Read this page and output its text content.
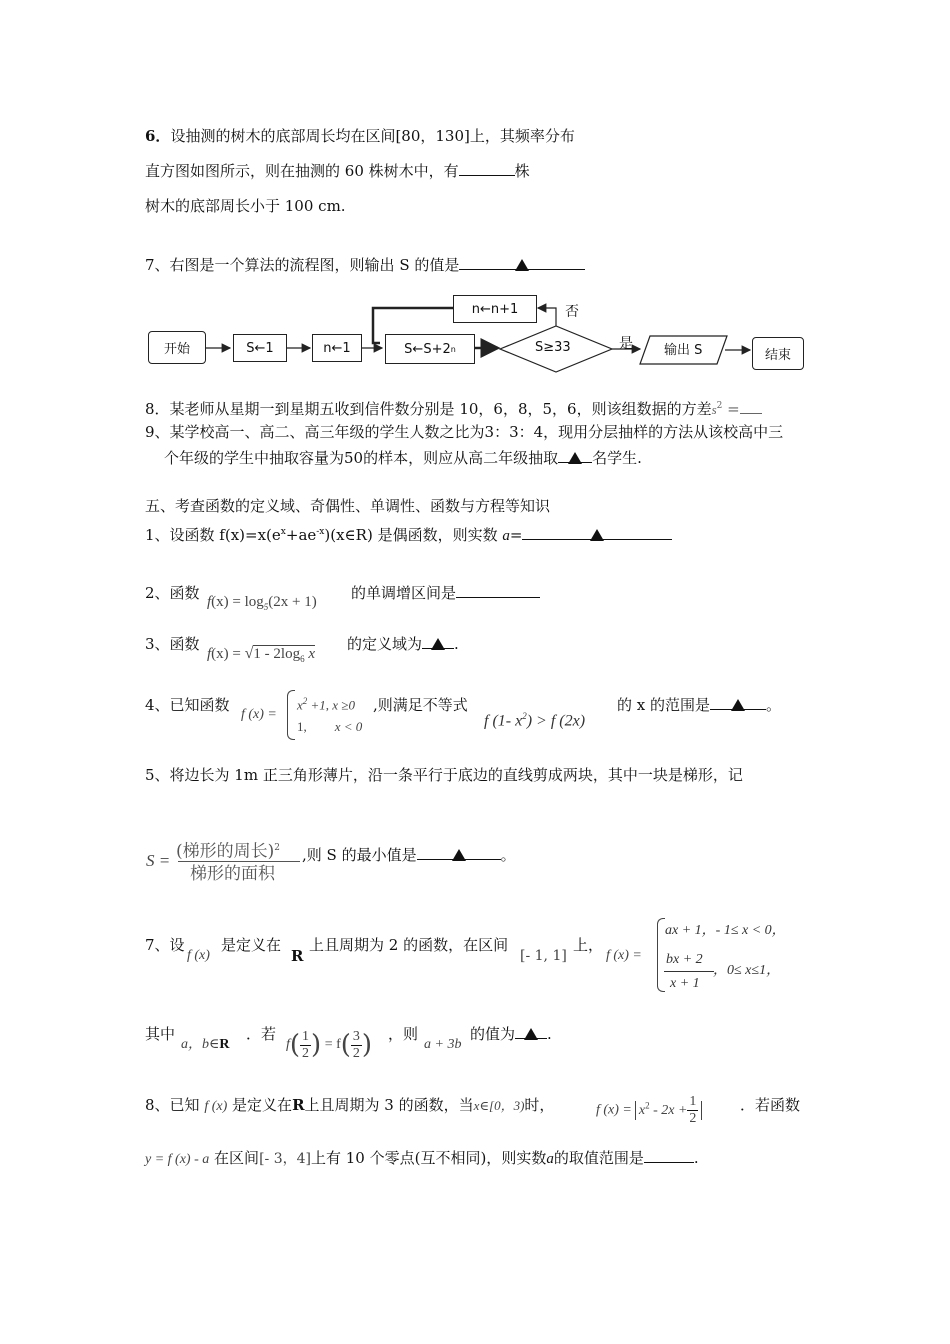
6．设抽测的树木的底部周长均在区间[80，130]上，其频率分布
直方图如图所示，则在抽测的 60 株树木中，有	株
树木的底部周长小于 100 cm.
7、右图是一个算法的流程图，则输出 S 的值是
开始	S←1	n←1	S←S+2 n
n←n+1
S≥33
否
是 输出 S	结束
8．某老师从星期一到星期五收到信件数分别是 10，6，8，5，6，则该组数据的方差$s^2$ =
9、某学校高一、高二、高三年级的学生人数之比为3：3：4，现用分层抽样的方法从该校高中三
个年级的学生中抽取容量为50的样本，则应从高二年级抽取 名学生.
五、考查函数的定义域、奇偶性、单调性、函数与方程等知识
1、设函数 $f(x)=x(e^x+ae^{-x})(x\in R)$ 是偶函数，则实数 a=
2、函数 $f(x) = \log_5(2x + 1)$ 的单调增区间是
3、函数
$f(x) = √1 - 2\log_6$ x
的定义域为 .
4、已知函数
f (x) =
$x^2 +1$, x ≥0
1, x < 0
,则满足不等式
f (1- $x^2) > f$ (2x)
的 x 的范围是	。
5、将边长为 1m 正三角形薄片，沿一条平行于底边的直线剪成两块，其中一块是梯形，记
S = (梯形的周长)$^2$
梯形的面积
,则 S 的最小值是	。
7、设
f (x)
是定义在
R
上且周期为 2 的函数，在区间
[- 1, 1]
上，
f (x) =
ax + 1，- 1≤ x < 0，
bx + 2
x + 1
，0≤ x≤1，
其中
a，b∈R
．若
$f( \frac{1}{2}$ ) = $f( \frac{3}{2}$ ) ，则
a + 3b
的值为 .
8、已知 f (x) 是定义在R上且周期为 3 的函数，当x∈[0，3)时，	f $(x) = x^2 - 2x + \frac{1}{2}$	．若函数
y = f (x) - a 在区间[- 3，4]上有 10 个零点(互不相同)，则实数a的取值范围是	.
